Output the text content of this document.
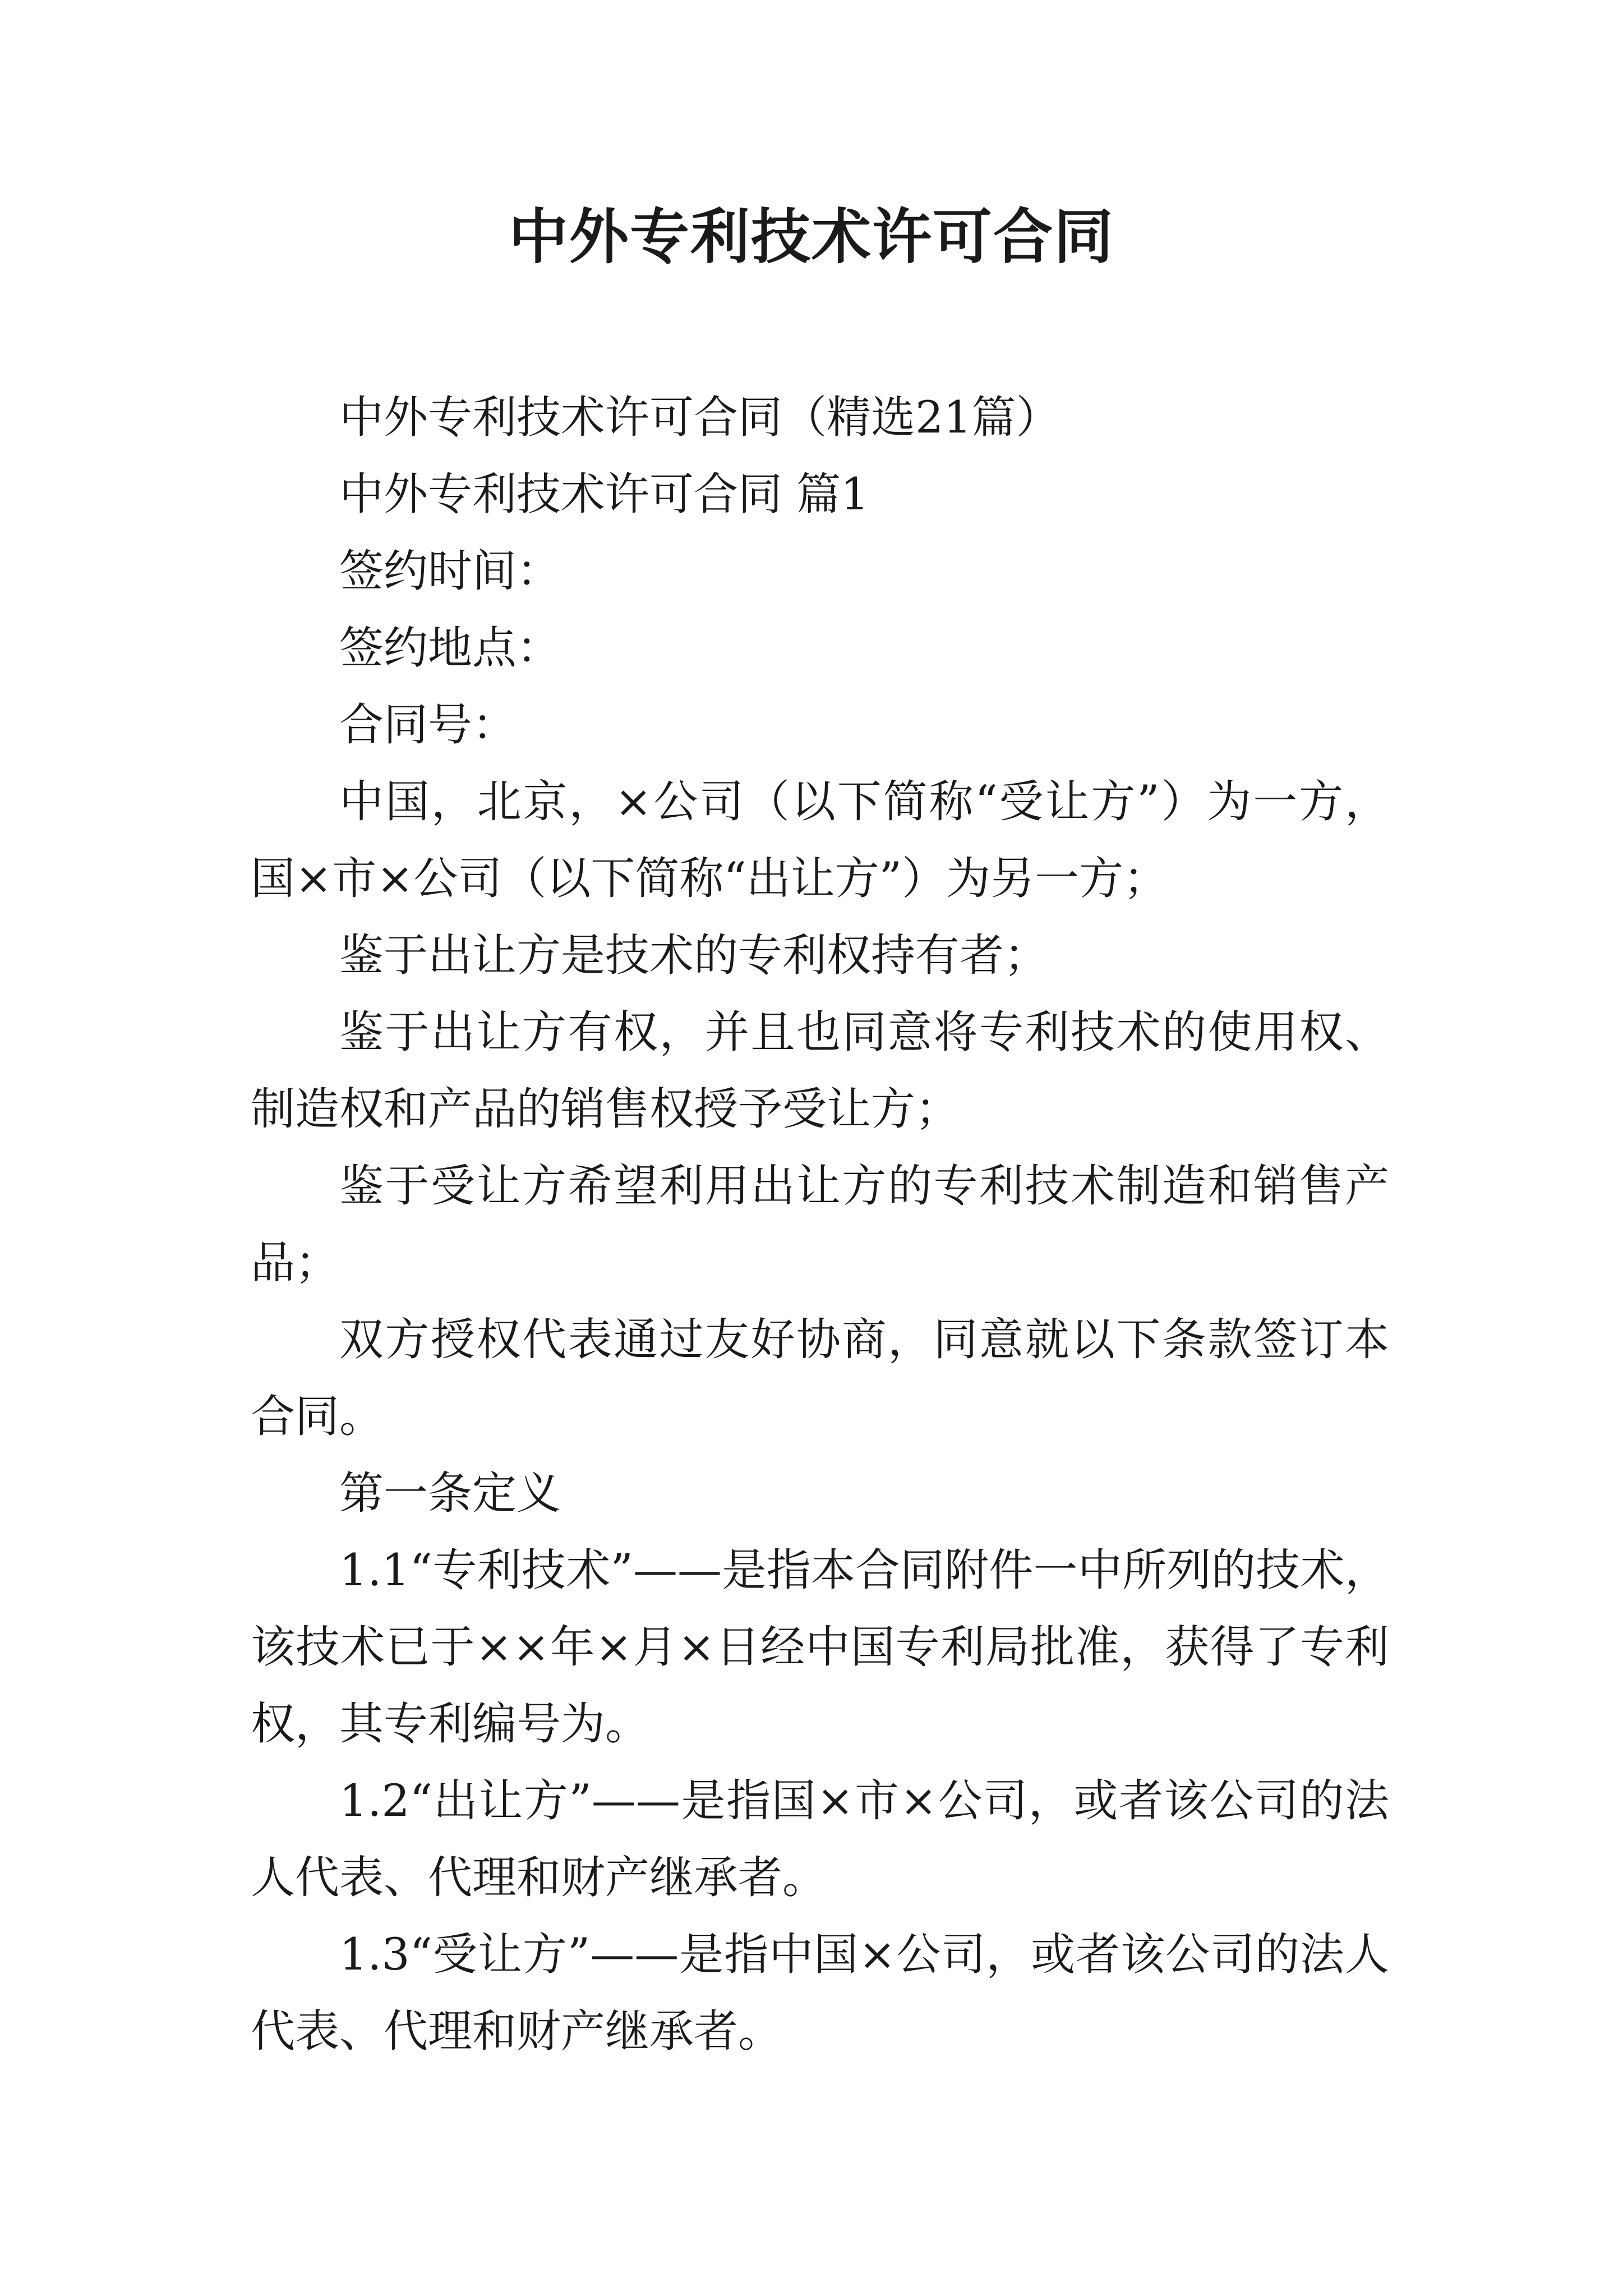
中外专利技术许可合同

中外专利技术许可合同（精选21篇）

中外专利技术许可合同 篇1

签约时间：

签约地点：

合同号：

中国，北京，×公司（以下简称“受让方”）为一方，国×市×公司（以下简称“出让方”）为另一方；

鉴于出让方是技术的专利权持有者；

鉴于出让方有权，并且也同意将专利技术的使用权、制造权和产品的销售权授予受让方；

鉴于受让方希望利用出让方的专利技术制造和销售产品；

双方授权代表通过友好协商，同意就以下条款签订本合同。

第一条定义

1.1“专利技术”——是指本合同附件一中所列的技术，该技术已于××年×月×日经中国专利局批准，获得了专利权，其专利编号为。

1.2“出让方”——是指国×市×公司，或者该公司的法人代表、代理和财产继承者。

1.3“受让方”——是指中国×公司，或者该公司的法人代表、代理和财产继承者。
